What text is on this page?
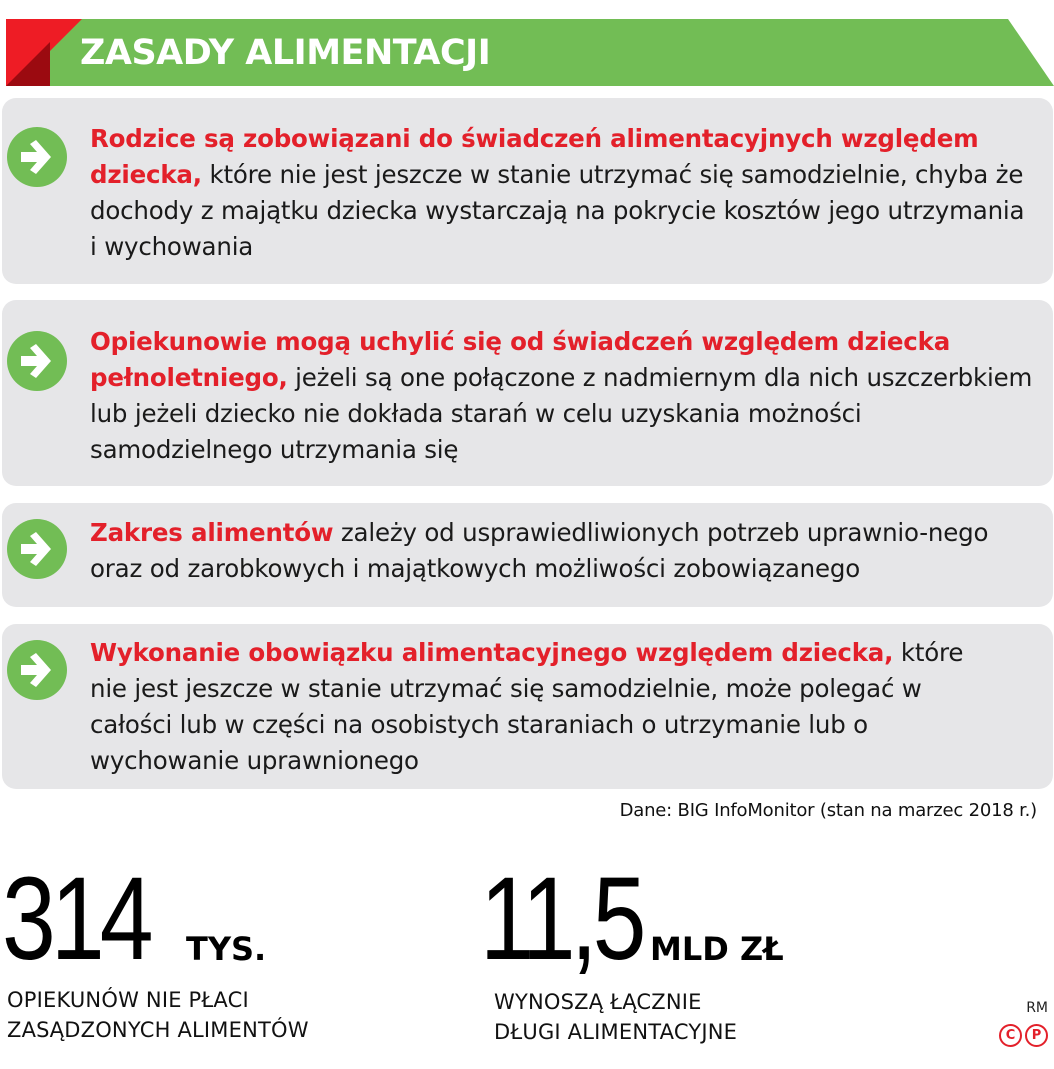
ZASADY ALIMENTACJI
Rodzice są zobowiązani do świadczeń alimentacyjnych względem dziecka, które nie jest jeszcze w stanie utrzymać się samodzielnie, chyba że dochody z majątku dziecka wystarczają na pokrycie kosztów jego utrzymania i wychowania
Opiekunowie mogą uchylić się od świadczeń względem dziecka pełnoletniego, jeżeli są one połączone z nadmiernym dla nich uszczerbkiem lub jeżeli dziecko nie dokłada starań w celu uzyskania możności samodzielnego utrzymania się
Zakres alimentów zależy od usprawiedliwionych potrzeb uprawnio-nego oraz od zarobkowych i majątkowych możliwości zobowiązanego
Wykonanie obowiązku alimentacyjnego względem dziecka, które nie jest jeszcze w stanie utrzymać się samodzielnie, może polegać w całości lub w części na osobistych staraniach o utrzymanie lub o wychowanie uprawnionego
Dane: BIG InfoMonitor (stan na marzec 2018 r.)
314 TYS.
OPIEKUNÓW NIE PŁACI
ZASĄDZONYCH ALIMENTÓW
11,5 MLD ZŁ
WYNOSZĄ ŁĄCZNIE
DŁUGI ALIMENTACYJNE
RM
C	P
